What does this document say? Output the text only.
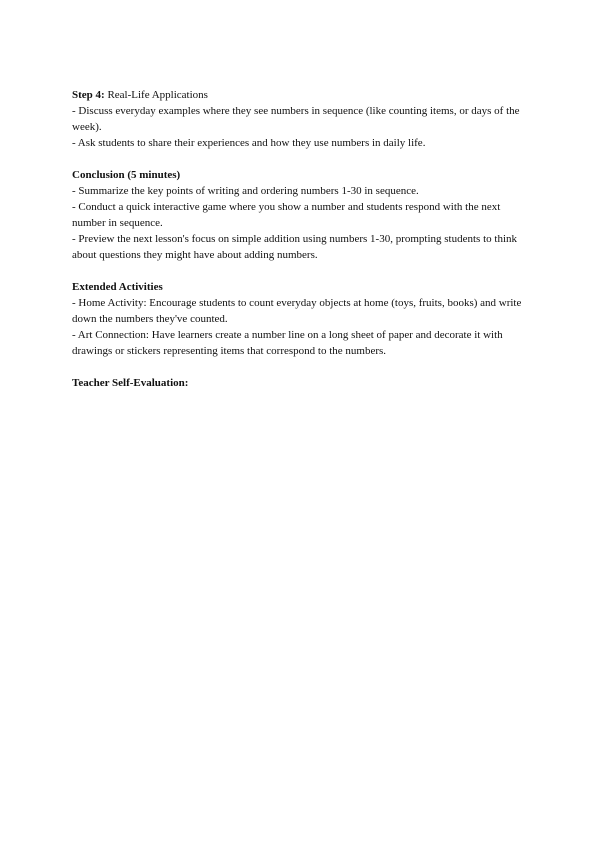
Step 4: Real-Life Applications
- Discuss everyday examples where they see numbers in sequence (like counting items, or days of the week).
- Ask students to share their experiences and how they use numbers in daily life.
Conclusion (5 minutes)
- Summarize the key points of writing and ordering numbers 1-30 in sequence.
- Conduct a quick interactive game where you show a number and students respond with the next number in sequence.
- Preview the next lesson's focus on simple addition using numbers 1-30, prompting students to think about questions they might have about adding numbers.
Extended Activities
- Home Activity: Encourage students to count everyday objects at home (toys, fruits, books) and write down the numbers they've counted.
- Art Connection: Have learners create a number line on a long sheet of paper and decorate it with drawings or stickers representing items that correspond to the numbers.
Teacher Self-Evaluation:
